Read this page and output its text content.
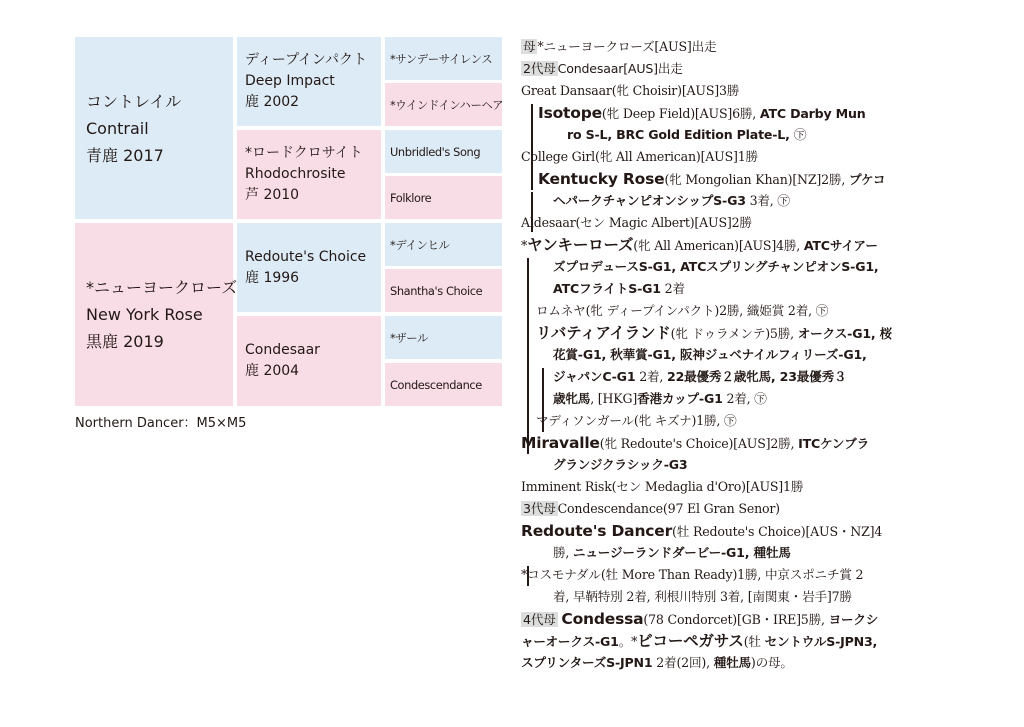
コントレイル
Contrail
青鹿 2017
*ニューヨークローズ
New York Rose
黒鹿 2019
ディープインパクト
Deep Impact
鹿 2002
*ロードクロサイト
Rhodochrosite
芦 2010
Redoute's Choice
鹿 1996
Condesaar
鹿 2004
*サンデーサイレンス
*ウインドインハーヘア
Unbridled's Song
Folklore
*デインヒル
Shantha's Choice
*ザール
Condescendance
Northern Dancer：M5×M5
母 *ニューヨークローズ[AUS]出走
2代母 Condesaar[AUS]出走
Great Dansaar(牝 Choisir)[AUS]3勝
Isotope(牝 Deep Field)[AUS]6勝, ATC Darby Mun
ro S-L, BRC Gold Edition Plate-L, ㊦
College Girl(牝 All American)[AUS]1勝
Kentucky Rose(牝 Mongolian Khan)[NZ]2勝, プケコ
ヘパークチャンピオンシップS-G3 3着, ㊦
Aldesaar(セン Magic Albert)[AUS]2勝
*ヤンキーローズ(牝 All American)[AUS]4勝, ATCサイアー
ズプロデュースS-G1, ATCスプリングチャンピオンS-G1,
ATCフライトS-G1 2着
ロムネヤ(牝 ディープインパクト)2勝, 織姫賞 2着, ㊦
リバティアイランド(牝 ドゥラメンテ)5勝, オークス-G1, 桜
花賞-G1, 秋華賞-G1, 阪神ジュベナイルフィリーズ-G1,
ジャパンC-G1 2着, 22最優秀２歳牝馬, 23最優秀３
歳牝馬, [HKG]香港カップ-G1 2着, ㊦
マディソンガール(牝 キズナ)1勝, ㊦
Miravalle(牝 Redoute's Choice)[AUS]2勝, ITCケンブラ
グランジクラシック-G3
Imminent Risk(セン Medaglia d'Oro)[AUS]1勝
3代母 Condescendance(97 El Gran Senor)
Redoute's Dancer(牡 Redoute's Choice)[AUS・NZ]4
勝, ニュージーランドダービー-G1, 種牡馬
*コスモナダル(牡 More Than Ready)1勝, 中京スポニチ賞 2
着, 早鞆特別 2着, 利根川特別 3着, [南関東・岩手]7勝
4代母 Condessa(78 Condorcet)[GB・IRE]5勝, ヨークシ
ャーオークス-G1。*ビコーペガサス(牡 セントウルS-JPN3,
スプリンターズS-JPN1 2着(2回), 種牡馬)の母。
